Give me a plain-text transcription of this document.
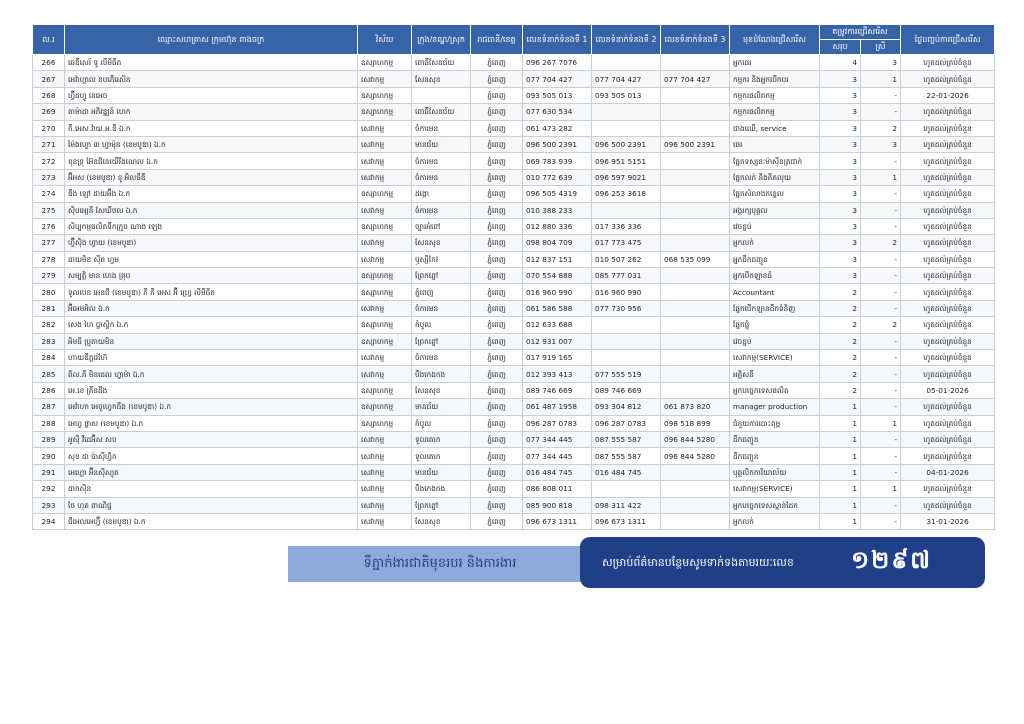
ល.រ	ឈ្មោះសហគ្រាស ក្រុមហ៊ុន ពាងចក្រ	វិស័យ	ក្រុង/ខណ្ឌ/ស្រុក	រាជធានី/ខេត្ត	លេខទំនាក់ទំនងទី 1	លេខទំនាក់ទំនងទី 2	លេខទំនាក់ទំនងទី 3	មុខដំណែងជ្រើសរើស	តម្រូវការជ្រើសរើស		ថ្ងៃបញ្ចប់ការជ្រើសរើស
									សរុប	ស្រី	
266	ឆេឌីសេរ៍ ទូ លីមីធីត	ឧស្សាហកម្ម	ពោធិ៍សែនជ័យ	ភ្នំពេញ	096 267 7076			អ្នកផេរ	4	3	ហូតដល់គ្រប់ចំនួន
267	អេវ៉ាហ្គាល ខបភើរេសិន	សេវាកម្ម	សែនសុខ	ភ្នំពេញ	077 704 427	077 704 427	077 704 427	កម្មករ និងអ្នកបើកបរ	3	1	ហូតដល់គ្រប់ចំនួន
268	ហ្វ៊ីដហ្វូ ខេអេច	ឧស្សាហកម្ម		ភ្នំពេញ	093 505 013	093 505 013		កម្មករផលិតកម្ម	3	-	22-01-2026
269	តាម៉ាដា អភិវឌ្ឍន៍ ហេក	ឧស្សាហកម្ម	ពោធិ៍សែនជ័យ	ភ្នំពេញ	077 630 534			កម្មករផលិតកម្ម	3	-	ហូតដល់គ្រប់ចំនួន
270	ភី.អេស.វ៉ាយ.អ.ឌី ឯ.ក	សេវាកម្ម	ចំការមន	ភ្នំពេញ	061 473 282			ជាងឈើ, service	3	2	ហូតដល់គ្រប់ចំនួន
271	ម៉ៃងហ្គោ ៣ ហ្វាម៉ុន (ខេមបូឌា) ឯ.ក	សេវាកម្ម	មានជ័យ	ភ្នំពេញ	096 500 2391	096 500 2391	096 500 2391	ផេរ	3	3	ហូតដល់គ្រប់ចំនួន
272	ខុនទ្រុ អ៊ែនជិនេយើរីងណេល ឯ.ក	សេវាកម្ម	ចំការមន	ភ្នំពេញ	069 783 939	096 951 5151		ផ្នែកទស្សនៈម៉ាស៊ីនត្រជាក់	3	-	ហូតដល់គ្រប់ចំនួន
273	អ៊ីអស (ខេមបូឌា) ខូ អិលធីឌី	សេវាកម្ម	ចំការមន	ភ្នំពេញ	010 772 639	096 597 9021		ផ្នែកលក់ និងគិតលុយ	3	1	ហូតដល់គ្រប់ចំនួន
274	ឌីង ឡៅ ដាយអ៊ីង ឯ.ក	ឧស្សាហកម្ម	ដង្កោ	ភ្នំពេញ	096 505 4319	096 253 3618		ផ្នែកសំលាងកន្ទេល	3	-	ហូតដល់គ្រប់ចំនួន
275	ស៊ិបអ្យេនី សែឃីថល ឯ.ក	សេវាកម្ម	ចំការមន	ភ្នំពេញ	010 388 233			អង្គរក្សបុគ្គល	3	-	ហូតដល់គ្រប់ចំនួន
276	សិប្បកម្មផលិតទឹកក្រូច ណាង ឡេង	ឧស្សាហកម្ម	ច្បារអំពៅ	ភ្នំពេញ	012 880 336	017 336 336		វេចខ្ចប់	3	-	ហូតដល់គ្រប់ចំនួន
277	ហ្វ៊ីស៊ិង ហ្វាយ (ខេមបូឌា)	សេវាកម្ម	សែនសុខ	ភ្នំពេញ	098 804 709	017 773 475		អ្នកលក់	3	2	ហូតដល់គ្រប់ចំនួន
278	ដាយមិន ស៊ីត ហ្វម	សេវាកម្ម	ឫស្សីកែវ	ភ្នំពេញ	012 837 151	010 507 262	068 535 099	អ្នកដឹកជញ្ជូន	3	-	ហូតដល់គ្រប់ចំនួន
279	សម្បត្តិ មាន ហេង គ្រុប	ឧស្សាហកម្ម	ព្រែកព្នៅ	ភ្នំពេញ	070 554 888	085 777 031		អ្នកបើកឡានធំ	3	-	ហូតដល់គ្រប់ចំនួន
280	ទូលបេន អេនជី (ខេមបូឌា) ភី ភី អេស អ៊ី ហ្វ្រេ លីមីធីត	ឧស្សាហកម្ម	ភ្នំពេញ	ភ្នំពេញ	016 960 990	016 960 990		Accountant	2	-	ហូតដល់គ្រប់ចំនួន
281	អ៊ីអេមអិល ឯ.ក	សេវាកម្ម	ចំការមន	ភ្នំពេញ	061 586 588	077 730 956		ផ្នែកបើកឡានដឹកទំនិញ	2	-	ហូតដល់គ្រប់ចំនួន
282	សេង ហៃ ប្លាស្ទិក ឯ.ក	ឧស្សាហកម្ម	កំបូល	ភ្នំពេញ	012 633 688			ផ្នែកផ្លុំ	2	2	ហូតដល់គ្រប់ចំនួន
283	អិមធី ប្រូតាយមិន	ឧស្សាហកម្ម	ព្រែកព្នៅ	ភ្នំពេញ	012 931 007			វេចខ្ចប់	2	-	ហូតដល់គ្រប់ចំនួន
284	ហាយឌីភ្លរ៉េហ៊ែ	សេវាកម្ម	ចំការមន	ភ្នំពេញ	017 919 165			សេវាកម្ម(SERVICE)	2	-	ហូតដល់គ្រប់ចំនួន
285	ពិល.ភី មិនដេល ហ្វាម៉ា ឯ.ក	សេវាកម្ម	បឹងកេងកង	ភ្នំពេញ	012 393 413	077 555 519		អគ្គិសនី	2	-	ហូតដល់គ្រប់ចំនួន
286	អេ.ខេ គ្រីនដីង	ឧស្សាហកម្ម	សែនសុខ	ភ្នំពេញ	089 746 669	089 746 669		អ្នកបច្ចេកទេសផលិត	2	-	05-01-2026
287	អេវ៉ាហា អេចូហ្វេកធីង (ខេមបូឌា) ឯ.ក	ឧស្សាហកម្ម	មានជ័យ	ភ្នំពេញ	061 487 1958	093 304 812	061 873 820	manager production	1	-	ហូតដល់គ្រប់ចំនួន
288	អេហ្វ ផ្លាស (ខេមបូឌា) ឯ.ក	ឧស្សាហកម្ម	កំបូល	ភ្នំពេញ	096 287 0783	096 287 0783	098 518 899	ជំនួយការបោះពុម្ព	1	1	ហូតដល់គ្រប់ចំនួន
289	អូស៊ី វីដេអ៊ីស សប	សេវាកម្ម	ទួលគោក	ភ្នំពេញ	077 344 445	087 555 587	096 844 5280	ដឹកជញ្ជូន	1	-	ហូតដល់គ្រប់ចំនួន
290	សុខ ដា ប៉ាស៊ីហ្វិក	សេវាកម្ម	ទួលគោក	ភ្នំពេញ	077 344 445	087 555 587	096 844 5280	ដឹកជញ្ជូន	1	-	ហូតដល់គ្រប់ចំនួន
291	អេហ្គោ អ៊ីនស៊ីស្យុត	សេវាកម្ម	មានជ័យ	ភ្នំពេញ	016 484 745	016 484 745		បុគ្គលិកការិយាល័យ	1	-	04-01-2026
292	ដាកស៊ិន	សេវាកម្ម	បឹងកេងកង	ភ្នំពេញ	086 808 011			សេវាកម្ម(SERVICE)	1	1	ហូតដល់គ្រប់ចំនួន
293	ថៃ ហុត ពាណិជ្ជ	សេវាកម្ម	ព្រែកព្នៅ	ភ្នំពេញ	085 900 818	098 311 422		អ្នកបច្ចេកទេសស្ពាន់ដែក	1	-	ហូតដល់គ្រប់ចំនួន
294	ជីអេលអេហ្វ៊ី (ខេមបូឌា) ឯ.ក	សេវាកម្ម	សែនសុខ	ភ្នំពេញ	096 673 1311	096 673 1311		អ្នកលក់	1	-	31-01-2026
ទីភ្នាក់ងារជាតិមុខរបរ និងការងារ	សម្រាប់ព័ត៌មានបន្ថែមសូមទាក់ទងតាមរយៈលេខ	១២៩៧
